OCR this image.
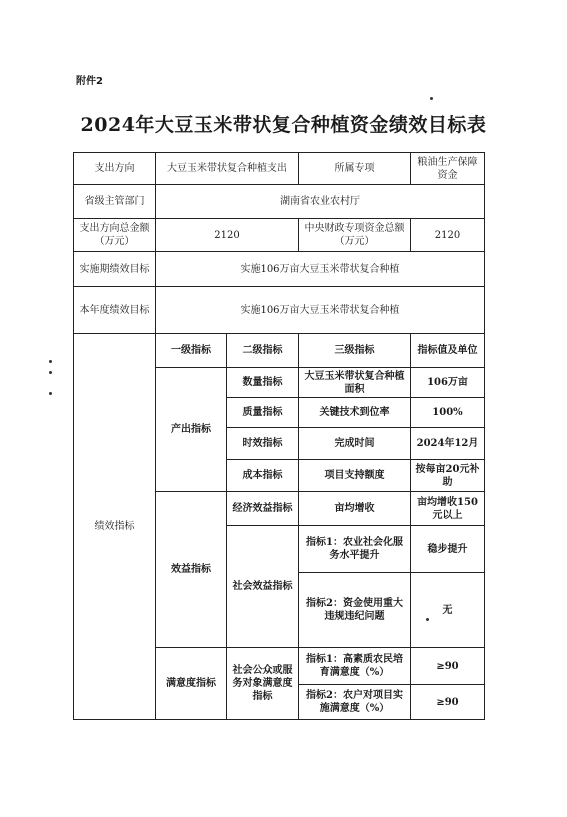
附件2
2024年大豆玉米带状复合种植资金绩效目标表
支出方向	大豆玉米带状复合种植支出		所属专项	粮油生产保障资金
省级主管部门	湖南省农业农村厅			
支出方向总金额（万元）	2120		中央财政专项资金总额（万元）	2120
实施期绩效目标	实施106万亩大豆玉米带状复合种植			
本年度绩效目标	实施106万亩大豆玉米带状复合种植			
绩效指标	一级指标	二级指标	三级指标	指标值及单位
	产出指标	数量指标	大豆玉米带状复合种植面积	106万亩
		质量指标	关键技术到位率	100%
		时效指标	完成时间	2024年12月
		成本指标	项目支持额度	按每亩20元补助
	效益指标	经济效益指标	亩均增收	亩均增收150元以上
		社会效益指标	指标1：农业社会化服务水平提升	稳步提升
			指标2：资金使用重大违规违纪问题	无
	满意度指标	社会公众或服务对象满意度指标	指标1：高素质农民培育满意度（%）	≥90
			指标2：农户对项目实施满意度（%）	≥90
